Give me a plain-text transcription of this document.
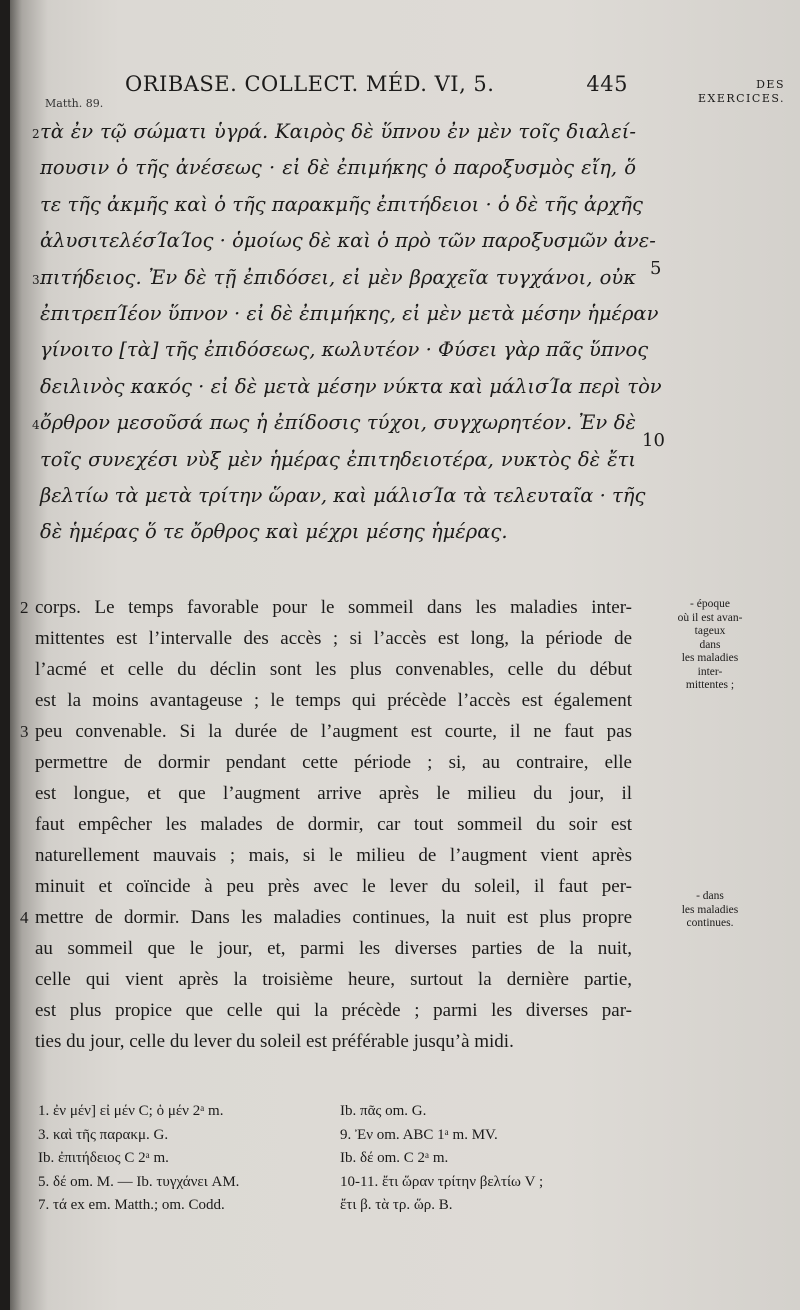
ORIBASE. COLLECT. MÉD. VI, 5.	445	DES
EXERCICES.
Matth. 89.
2 τὰ ἐν τῷ σώματι ὑγρά. Καιρὸς δὲ ὕπνου ἐν μὲν τοῖς διαλεί-
πουσιν ὁ τῆς ἀνέσεως · εἰ δὲ ἐπιμήκης ὁ παροξυσμὸς εἴη, ὅ
τε τῆς ἀκμῆς καὶ ὁ τῆς παρακμῆς ἐπιτήδειοι · ὁ δὲ τῆς ἀρχῆς
ἀλυσιτελέσΊαΊος · ὁμοίως δὲ καὶ ὁ πρὸ τῶν παροξυσμῶν ἀνε-
3 πιτήδειος. Ἐν δὲ τῇ ἐπιδόσει, εἰ μὲν βραχεῖα τυγχάνοι, οὐκ
ἐπιτρεπΊέον ὕπνον · εἰ δὲ ἐπιμήκης, εἰ μὲν μετὰ μέσην ἡμέραν
γίνοιτο [τὰ] τῆς ἐπιδόσεως, κωλυτέον · Φύσει γὰρ πᾶς ὕπνος
δειλινὸς κακός · εἰ δὲ μετὰ μέσην νύκτα καὶ μάλισΊα περὶ τὸν
4 ὄρθρον μεσοῦσά πως ἡ ἐπίδοσις τύχοι, συγχωρητέον. Ἐν δὲ
τοῖς συνεχέσι νὺξ μὲν ἡμέρας ἐπιτηδειοτέρα, νυκτὸς δὲ ἔτι
βελτίω τὰ μετὰ τρίτην ὥραν, καὶ μάλισΊα τὰ τελευταῖα · τῆς
δὲ ἡμέρας ὅ τε ὄρθρος καὶ μέχρι μέσης ἡμέρας.
5
10
2 corps. Le temps favorable pour le sommeil dans les maladies inter-
mittentes est l’intervalle des accès ; si l’accès est long, la période de
l’acmé et celle du déclin sont les plus convenables, celle du début
est la moins avantageuse ; le temps qui précède l’accès est également
3 peu convenable. Si la durée de l’augment est courte, il ne faut pas
permettre de dormir pendant cette période ; si, au contraire, elle
est longue, et que l’augment arrive après le milieu du jour, il
faut empêcher les malades de dormir, car tout sommeil du soir est
naturellement mauvais ; mais, si le milieu de l’augment vient après
minuit et coïncide à peu près avec le lever du soleil, il faut per-
4 mettre de dormir. Dans les maladies continues, la nuit est plus propre
au sommeil que le jour, et, parmi les diverses parties de la nuit,
celle qui vient après la troisième heure, surtout la dernière partie,
est plus propice que celle qui la précède ; parmi les diverses par-
ties du jour, celle du lever du soleil est préférable jusqu’à midi.
- époque
où il est avan-
tageux
dans
les maladies
inter-
mittentes ;
- dans
les maladies
continues.
1. ἐν μέν] εἰ μέν C; ὁ μέν 2ᵃ m.
3. καὶ τῆς παρακμ. G.
Ib. ἐπιτήδειος C 2ᵃ m.
5. δέ om. M. — Ib. τυγχάνει AM.
7. τά ex em. Matth.; om. Codd.
Ib. πᾶς om. G.
9. Ἐν om. ABC 1ᵃ m. MV.
Ib. δέ om. C 2ᵃ m.
10-11. ἔτι ὥραν τρίτην βελτίω V ;
ἔτι β. τὰ τρ. ὥρ. B.
